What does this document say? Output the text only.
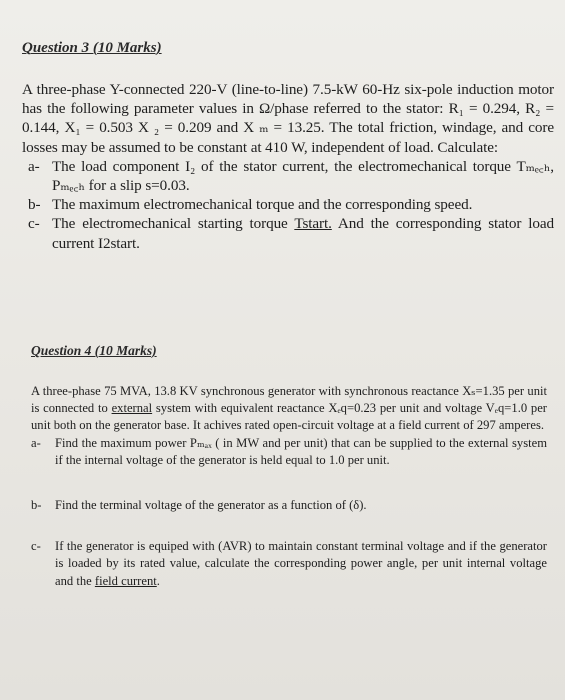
Question 3 (10 Marks)
A three-phase Y-connected 220-V (line-to-line) 7.5-kW 60-Hz six-pole induction motor has the following parameter values in Ω/phase referred to the stator: R₁ = 0.294, R₂ = 0.144, X₁ = 0.503 X ₂ = 0.209 and X ₘ = 13.25. The total friction, windage, and core losses may be assumed to be constant at 410 W, independent of load. Calculate:
a- The load component I₂ of the stator current, the electromechanical torque Tₘₑ꜀ₕ, Pₘₑ꜀ₕ for a slip s=0.03.
b- The maximum electromechanical torque and the corresponding speed.
c- The electromechanical starting torque Tstart. And the corresponding stator load current I2start.
Question 4 (10 Marks)
A three-phase 75 MVA, 13.8 KV synchronous generator with synchronous reactance Xₛ=1.35 per unit is connected to external system with equivalent reactance Xₑq=0.23 per unit and voltage Vₑq=1.0 per unit both on the generator base. It achives rated open-circuit voltage at a field current of 297 amperes.
a-	Find the maximum power Pₘₐₓ ( in MW and per unit) that can be supplied to the external system if the internal voltage of the generator is held equal to 1.0 per unit.
b-	Find the terminal voltage of the generator as a function of (δ).
c-	If the generator is equiped with (AVR) to maintain constant terminal voltage and if the generator is loaded by its rated value, calculate the corresponding power angle, per unit internal voltage and the field current.
